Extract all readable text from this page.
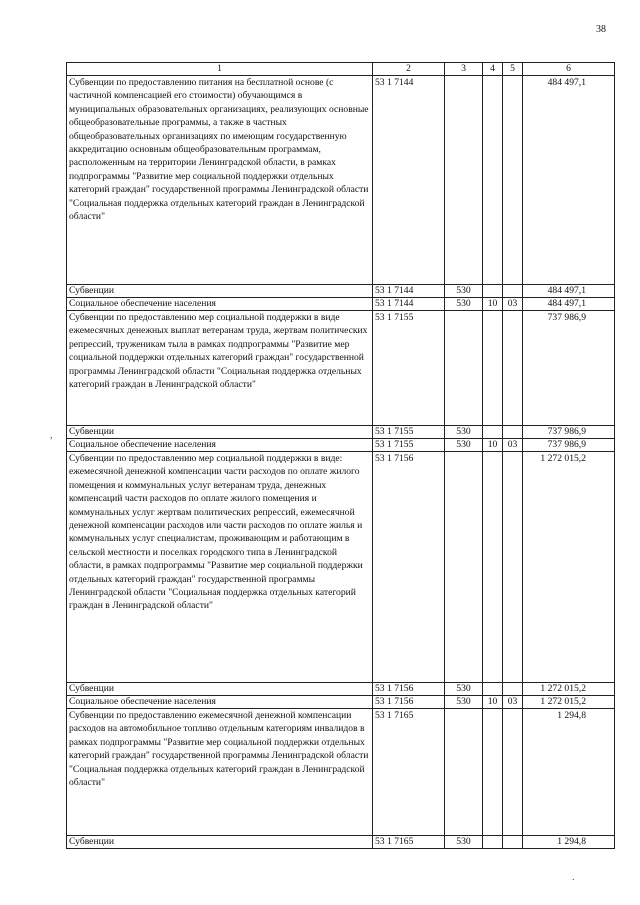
38
,
.
1	2	3	4	5	6
Субвенции по предоставлению питания на бесплатной основе (с частичной компенсацией его стоимости) обучающимся в муниципальных образовательных организациях, реализующих основные общеобразовательные программы, а также в частных общеобразовательных организациях по имеющим государственную аккредитацию основным общеобразовательным программам, расположенным на территории Ленинградской области, в рамках подпрограммы "Развитие мер социальной поддержки отдельных категорий граждан" государственной программы Ленинградской области "Социальная поддержка отдельных категорий граждан в Ленинградской области"	53 1 7144				484 497,1
Субвенции	53 1 7144	530			484 497,1
Социальное обеспечение населения	53 1 7144	530	10	03	484 497,1
Субвенции по предоставлению мер социальной поддержки в виде ежемесячных денежных выплат ветеранам труда, жертвам политических репрессий, труженикам тыла в рамках подпрограммы "Развитие мер социальной поддержки отдельных категорий граждан" государственной программы Ленинградской области "Социальная поддержка отдельных категорий граждан в Ленинградской области"	53 1 7155				737 986,9
Субвенции	53 1 7155	530			737 986,9
Социальное обеспечение населения	53 1 7155	530	10	03	737 986,9
Субвенции по предоставлению мер социальной поддержки в виде: ежемесячной денежной компенсации части расходов по оплате жилого помещения и коммунальных услуг ветеранам труда, денежных компенсаций части расходов по оплате жилого помещения и коммунальных услуг жертвам политических репрессий, ежемесячной денежной компенсации расходов или части расходов по оплате жилья и коммунальных услуг специалистам, проживающим и работающим в сельской местности и поселках городского типа в Ленинградской области, в рамках подпрограммы "Развитие мер социальной поддержки отдельных категорий граждан" государственной программы Ленинградской области "Социальная поддержка отдельных категорий граждан в Ленинградской области"	53 1 7156				1 272 015,2
Субвенции	53 1 7156	530			1 272 015,2
Социальное обеспечение населения	53 1 7156	530	10	03	1 272 015,2
Субвенции по предоставлению ежемесячной денежной компенсации расходов на автомобильное топливо отдельным категориям инвалидов в рамках подпрограммы "Развитие мер социальной поддержки отдельных категорий граждан" государственной программы Ленинградской области "Социальная поддержка отдельных категорий граждан в Ленинградской области"	53 1 7165				1 294,8
Субвенции	53 1 7165	530			1 294,8
